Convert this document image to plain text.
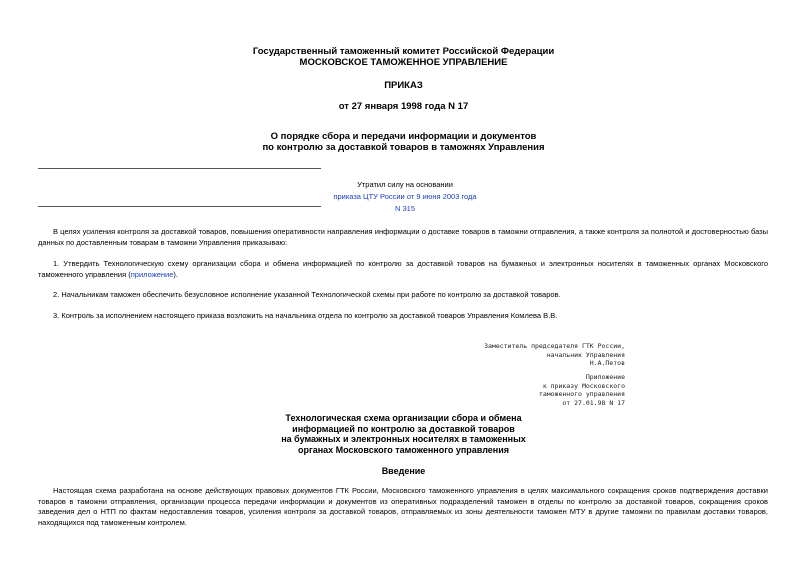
Государственный таможенный комитет Российской Федерации
МОСКОВСКОЕ ТАМОЖЕННОЕ УПРАВЛЕНИЕ
ПРИКАЗ
от 27 января 1998 года N 17
О порядке сбора и передачи информации и документов
по контролю за доставкой товаров в таможнях Управления
Утратил силу на основании
приказа ЦТУ России от 9 июня 2003 года N 315
В целях усиления контроля за доставкой товаров, повышения оперативности направления информации о доставке товаров в таможни отправления, а также контроля за полнотой и достоверностью базы данных по доставленным товарам в таможни Управления приказываю:
1. Утвердить Технологическую схему организации сбора и обмена информацией по контролю за доставкой товаров на бумажных и электронных носителях в таможенных органах Московского таможенного управления (приложение).
2. Начальникам таможен обеспечить безусловное исполнение указанной Технологической схемы при работе по контролю за доставкой товаров.
3. Контроль за исполнением настоящего приказа возложить на начальника отдела по контролю за доставкой товаров Управления Комлева В.В.
Заместитель председателя ГТК России,
начальник Управления
Н.А.Петов
Приложение
к приказу Московского
таможенного управления
от 27.01.98 N 17
Технологическая схема организации сбора и обмена
информацией по контролю за доставкой товаров
на бумажных и электронных носителях в таможенных
органах Московского таможенного управления
Введение
Настоящая схема разработана на основе действующих правовых документов ГТК России, Московского таможенного управления в целях максимального сокращения сроков подтверждения доставки товаров в таможни отправления, организации процесса передачи информации и документов из оперативных подразделений таможен в отделы по контролю за доставкой товаров, сокращения сроков заведения дел о НТП по фактам недоставления товаров, усиления контроля за доставкой товаров, отправляемых из зоны деятельности таможен МТУ в другие таможни по правилам доставки товаров, находящихся под таможенным контролем.
